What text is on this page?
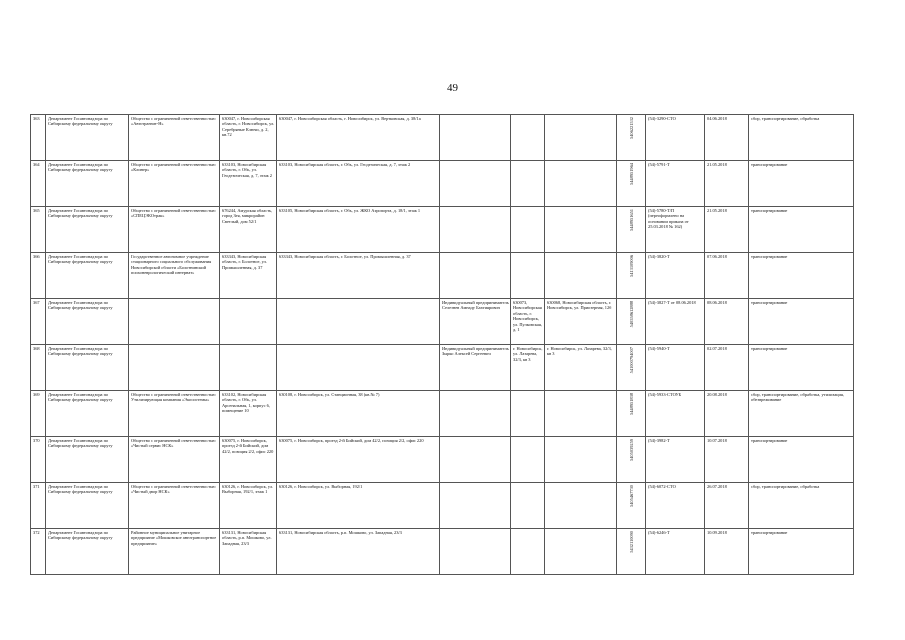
49
363	Департамент Госавтонадзора по Сибирскому федеральному округу	Общество с ограниченной ответственностью «Автотранзит-Н»	630047, г. Новосибирская область, г. Новосибирск, ул. Серебряные Ключи, д. 2, кв.72	630047, г. Новосибирская область, г. Новосибирск, ул. Вертковская, д. 38/1а				5406221532	(54)-3290-СТО	04.06.2018	сбор, транспортирование, обработка
364	Департамент Госавтонадзора по Сибирскому федеральному округу	Общество с ограниченной ответственностью «Клинер»	633103, Новосибирская область, г. Обь, ул. Геодезическая, д. 7, этаж 2	633103, Новосибирская область, г. Обь, ул. Геодезическая, д. 7, этаж 2				5448951964	(54)-5791-Т	21.05.2018	транспортирование
365	Департамент Госавтонадзора по Сибирскому федеральному округу	Общество с ограниченной ответственностью «СПЕЦЭКОтрак»	676244, Амурская область, город Зея, микрорайон Светлый, дом 52/1	633105, Новосибирская область, г. Обь, ул. ЖКО Аэропорта, д. 18/1, этаж 1				5448951651	(54)-5780-Т/П (переоформлено на основании приказа от 25.03.2018 № 162)	21.05.2018	транспортирование
366	Департамент Госавтонадзора по Сибирскому федеральному округу	Государственное автономное учреждение стационарного социального обслуживания Новосибирской области «Болотнинский психоневрологический интернат»	633343, Новосибирская область, г. Болотное, ул. Промышленная, д. 37	633343, Новосибирская область, г. Болотное, ул. Промышленная, д. 37				5413109006	(54)-3820-Т	07.06.2018	транспортирование
367	Департамент Госавтонадзора по Сибирскому федеральному округу				Индивидуальный предприниматель Селезнев Амнаду Бахтиярович	630073, Новосибирская область, г. Новосибирск, ул. Пулковская, д. 1	630068, Новосибирская область, г. Новосибирск, ул. Приозерная, 12б	540558612888	(54)-3827-Т от 08.06.2018	08.06.2018	транспортирование
368	Департамент Госавтонадзора по Сибирскому федеральному округу				Индивидуальный предприниматель Зырко Алексей Сергеевич	г. Новосибирск, ул. Лазарева, 32/3, кв 3	г. Новосибирск, ул. Лазарева, 32/3, кв 3	541000794007	(54)-5940-Т	02.07.2018	транспортирование
369	Департамент Госавтонадзора по Сибирскому федеральному округу	Общество с ограниченной ответственностью Утилизирующая компания «Экосистемы»	633102, Новосибирская область, г. Обь, ул. Арсенальная, 1, корпус 6, помещение 10	630108, г. Новосибирск, ул. Станционная, 38 (кв.№ 7)				5448951838	(54)-5933-СТОУБ	20.08.2018	сбор, транспортирование, обработка, утилизация, обезвреживание
370	Департамент Госавтонадзора по Сибирскому федеральному округу	Общество с ограниченной ответственностью «Чистый сервис НСК»	630075, г. Новосибирск, проезд 2-й Бийский, дом 42/2, позиция 2/2, офис 220	630075, г. Новосибирск, проезд 2-й Бийский, дом 42/2, позиция 2/2, офис 220				5405039259	(54)-3982-Т	10.07.2018	транспортирование
371	Департамент Госавтонадзора по Сибирскому федеральному округу	Общество с ограниченной ответственностью «Чистый двор НСК»	630126, г. Новосибирск, ул. Выборная, 192/1, этаж 1	630126, г. Новосибирск, ул. Выборная, 192/1				5405467730	(54)-6072-СТО	26.07.2018	сбор, транспортирование, обработка
372	Департамент Госавтонадзора по Сибирскому федеральному округу	Районное муниципальное унитарное предприятие «Мошковское автотранспортное предприятие»	633131, Новосибирская область, р.п. Мошково, ул. Западная, 23/3	633131, Новосибирская область, р.п. Мошково, ул. Западная, 23/3				5432110090	(54)-6246-Т	10.09.2018	транспортирование
